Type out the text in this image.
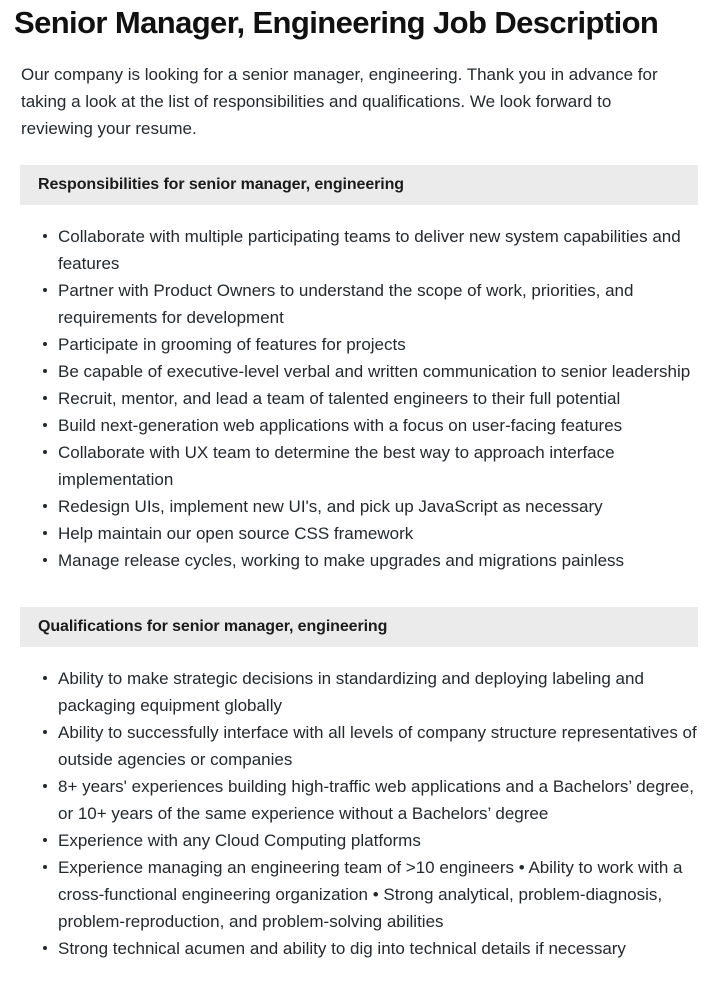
Senior Manager, Engineering Job Description

Our company is looking for a senior manager, engineering. Thank you in advance for taking a look at the list of responsibilities and qualifications. We look forward to reviewing your resume.

Responsibilities for senior manager, engineering
Collaborate with multiple participating teams to deliver new system capabilities and features
Partner with Product Owners to understand the scope of work, priorities, and requirements for development
Participate in grooming of features for projects
Be capable of executive-level verbal and written communication to senior leadership
Recruit, mentor, and lead a team of talented engineers to their full potential
Build next-generation web applications with a focus on user-facing features
Collaborate with UX team to determine the best way to approach interface implementation
Redesign UIs, implement new UI's, and pick up JavaScript as necessary
Help maintain our open source CSS framework
Manage release cycles, working to make upgrades and migrations painless
Qualifications for senior manager, engineering
Ability to make strategic decisions in standardizing and deploying labeling and packaging equipment globally
Ability to successfully interface with all levels of company structure representatives of outside agencies or companies
8+ years' experiences building high-traffic web applications and a Bachelors’ degree, or 10+ years of the same experience without a Bachelors’ degree
Experience with any Cloud Computing platforms
Experience managing an engineering team of >10 engineers • Ability to work with a cross-functional engineering organization • Strong analytical, problem-diagnosis, problem-reproduction, and problem-solving abilities
Strong technical acumen and ability to dig into technical details if necessary
